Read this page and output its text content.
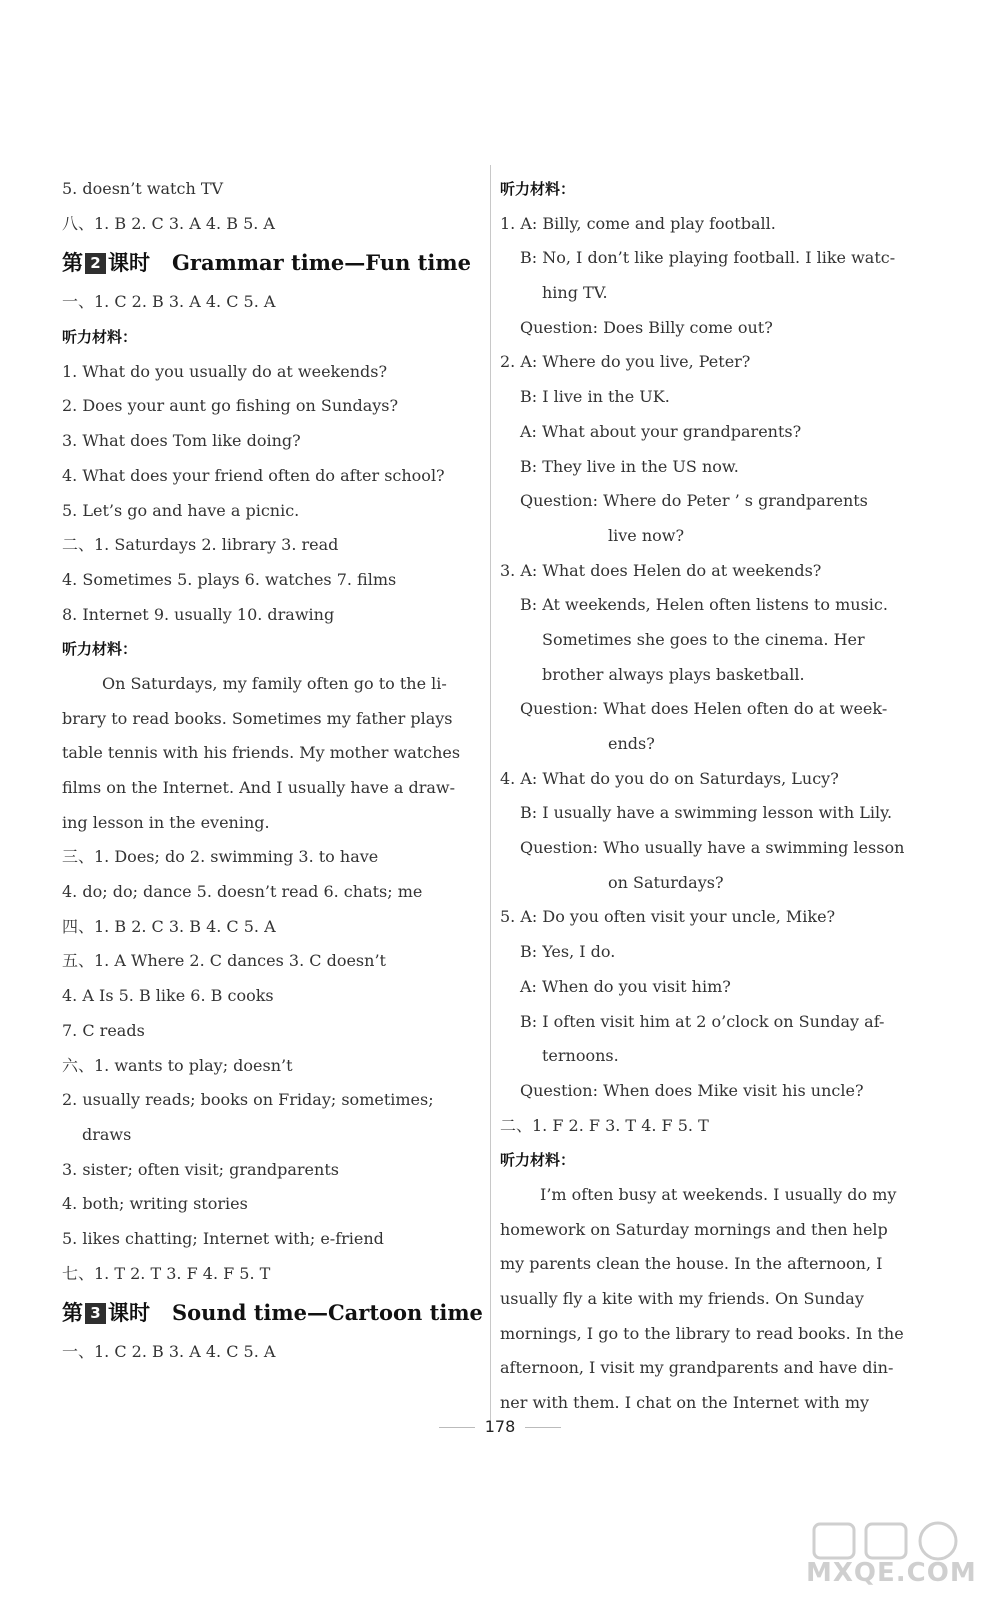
5. doesn’t watch TV
八、1. B 2. C 3. A 4. B 5. A
第 2 课时 Grammar time—Fun time
一、1. C 2. B 3. A 4. C 5. A
听力材料：
1. What do you usually do at weekends?
2. Does your aunt go fishing on Sundays?
3. What does Tom like doing?
4. What does your friend often do after school?
5. Let’s go and have a picnic.
二、1. Saturdays 2. library 3. read
4. Sometimes 5. plays 6. watches 7. films
8. Internet 9. usually 10. drawing
听力材料：
On Saturdays, my family often go to the li-
brary to read books. Sometimes my father plays
table tennis with his friends. My mother watches
films on the Internet. And I usually have a draw-
ing lesson in the evening.
三、1. Does; do 2. swimming 3. to have
4. do; do; dance 5. doesn’t read 6. chats; me
四、1. B 2. C 3. B 4. C 5. A
五、1. A Where 2. C dances 3. C doesn’t
4. A Is 5. B like 6. B cooks
7. C reads
六、1. wants to play; doesn’t
2. usually reads; books on Friday; sometimes;
draws
3. sister; often visit; grandparents
4. both; writing stories
5. likes chatting; Internet with; e-friend
七、1. T 2. T 3. F 4. F 5. T
第 3 课时 Sound time—Cartoon time
一、1. C 2. B 3. A 4. C 5. A
听力材料：
1. A: Billy, come and play football.
B: No, I don’t like playing football. I like watc-
hing TV.
Question: Does Billy come out?
2. A: Where do you live, Peter?
B: I live in the UK.
A: What about your grandparents?
B: They live in the US now.
Question: Where do Peter ’ s grandparents
live now?
3. A: What does Helen do at weekends?
B: At weekends, Helen often listens to music.
Sometimes she goes to the cinema. Her
brother always plays basketball.
Question: What does Helen often do at week-
ends?
4. A: What do you do on Saturdays, Lucy?
B: I usually have a swimming lesson with Lily.
Question: Who usually have a swimming lesson
on Saturdays?
5. A: Do you often visit your uncle, Mike?
B: Yes, I do.
A: When do you visit him?
B: I often visit him at 2 o’clock on Sunday af-
ternoons.
Question: When does Mike visit his uncle?
二、1. F 2. F 3. T 4. F 5. T
听力材料：
I’m often busy at weekends. I usually do my
homework on Saturday mornings and then help
my parents clean the house. In the afternoon, I
usually fly a kite with my friends. On Sunday
mornings, I go to the library to read books. In the
afternoon, I visit my grandparents and have din-
ner with them. I chat on the Internet with my
178
MXQE.COM
